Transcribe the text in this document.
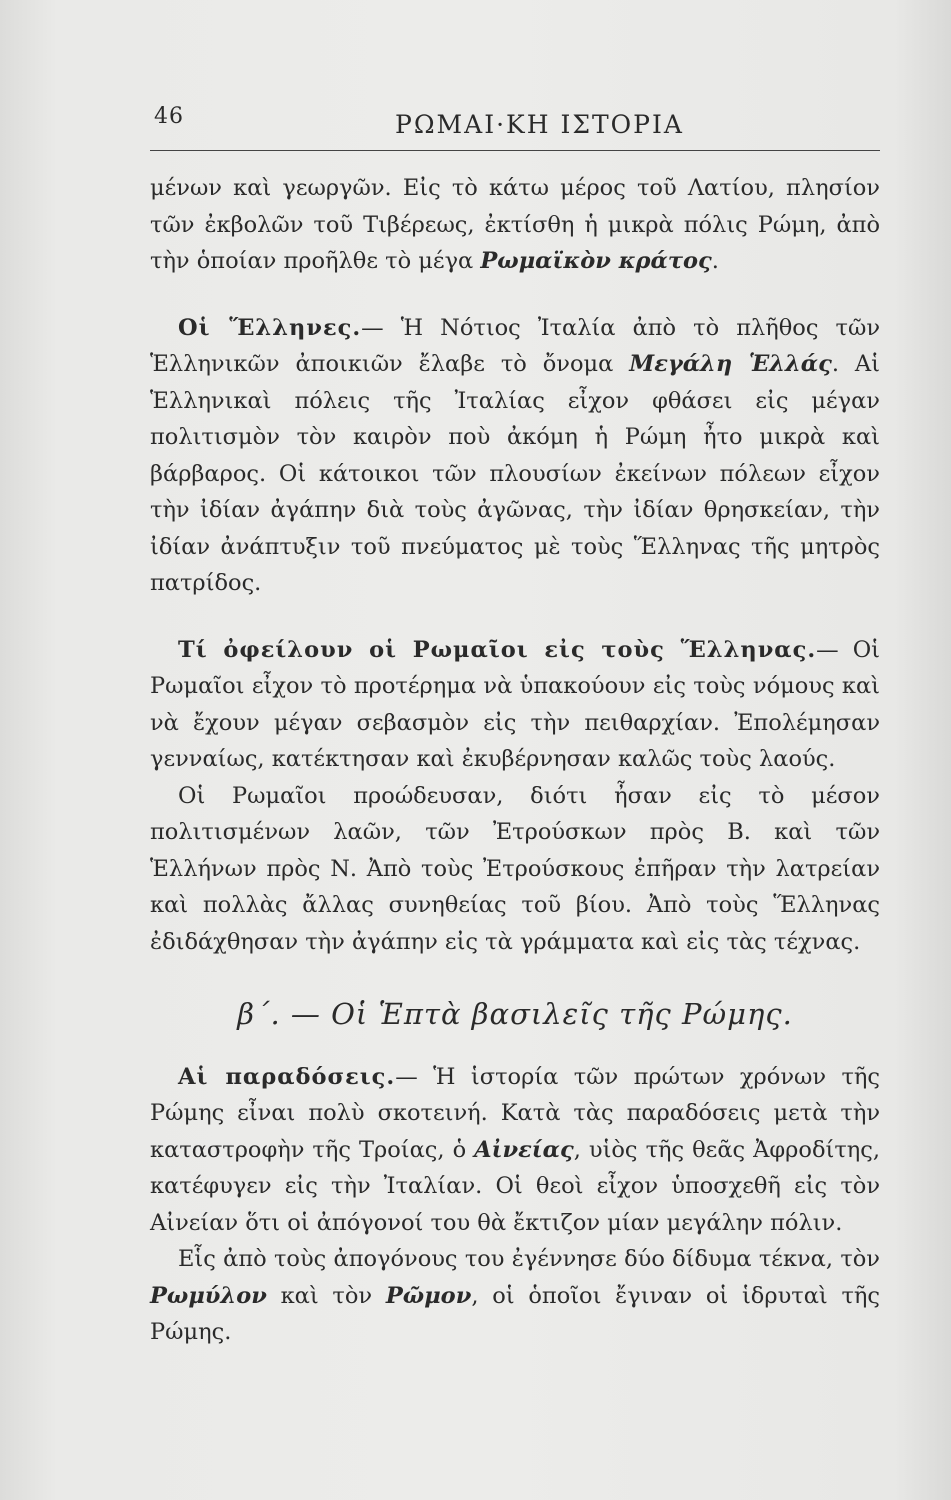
46	ΡΩΜΑΙ·ΚΗ ΙΣΤΟΡΙΑ

μένων καὶ γεωργῶν. Εἰς τὸ κάτω μέρος τοῦ Λατίου, πλησίον τῶν ἐκβολῶν τοῦ Τιβέρεως, ἐκτίσθη ἡ μικρὰ πόλις Ρώμη, ἀπὸ τὴν ὁποίαν προῆλθε τὸ μέγα Ρωμαϊκὸν κράτος.

Οἱ Ἕλληνες.— Ἡ Νότιος Ἰταλία ἀπὸ τὸ πλῆθος τῶν Ἑλληνικῶν ἀποικιῶν ἔλαβε τὸ ὄνομα Μεγάλη Ἑλλάς. Αἱ Ἑλληνικαὶ πόλεις τῆς Ἰταλίας εἶχον φθάσει εἰς μέγαν πολιτισμὸν τὸν καιρὸν ποὺ ἀκόμη ἡ Ρώμη ἦτο μικρὰ καὶ βάρβαρος. Οἱ κάτοικοι τῶν πλουσίων ἐκείνων πόλεων εἶχον τὴν ἰδίαν ἀγάπην διὰ τοὺς ἀγῶνας, τὴν ἰδίαν θρησκείαν, τὴν ἰδίαν ἀνάπτυξιν τοῦ πνεύματος μὲ τοὺς Ἕλληνας τῆς μητρὸς πατρίδος.

Τί ὀφείλουν οἱ Ρωμαῖοι εἰς τοὺς Ἕλληνας.— Οἱ Ρωμαῖοι εἶχον τὸ προτέρημα νὰ ὑπακούουν εἰς τοὺς νόμους καὶ νὰ ἔχουν μέγαν σεβασμὸν εἰς τὴν πειθαρχίαν. Ἐπολέμησαν γενναίως, κατέκτησαν καὶ ἐκυβέρνησαν καλῶς τοὺς λαούς.

Οἱ Ρωμαῖοι προώδευσαν, διότι ἦσαν εἰς τὸ μέσον πολιτισμένων λαῶν, τῶν Ἐτρούσκων πρὸς Β. καὶ τῶν Ἑλλήνων πρὸς Ν. Ἀπὸ τοὺς Ἐτρούσκους ἐπῆραν τὴν λατρείαν καὶ πολλὰς ἄλλας συνηθείας τοῦ βίου. Ἀπὸ τοὺς Ἕλληνας ἐδιδάχθησαν τὴν ἀγάπην εἰς τὰ γράμματα καὶ εἰς τὰς τέχνας.

β΄. — Οἱ Ἑπτὰ βασιλεῖς τῆς Ρώμης.

Αἱ παραδόσεις.— Ἡ ἱστορία τῶν πρώτων χρόνων τῆς Ρώμης εἶναι πολὺ σκοτεινή. Κατὰ τὰς παραδόσεις μετὰ τὴν καταστροφὴν τῆς Τροίας, ὁ Αἰνείας, υἱὸς τῆς θεᾶς Ἀφροδίτης, κατέφυγεν εἰς τὴν Ἰταλίαν. Οἱ θεοὶ εἶχον ὑποσχεθῆ εἰς τὸν Αἰνείαν ὅτι οἱ ἀπόγονοί του θὰ ἔκτιζον μίαν μεγάλην πόλιν.

Εἷς ἀπὸ τοὺς ἀπογόνους του ἐγέννησε δύο δίδυμα τέκνα, τὸν Ρωμύλον καὶ τὸν Ρῶμον, οἱ ὁποῖοι ἔγιναν οἱ ἱδρυταὶ τῆς Ρώμης.
